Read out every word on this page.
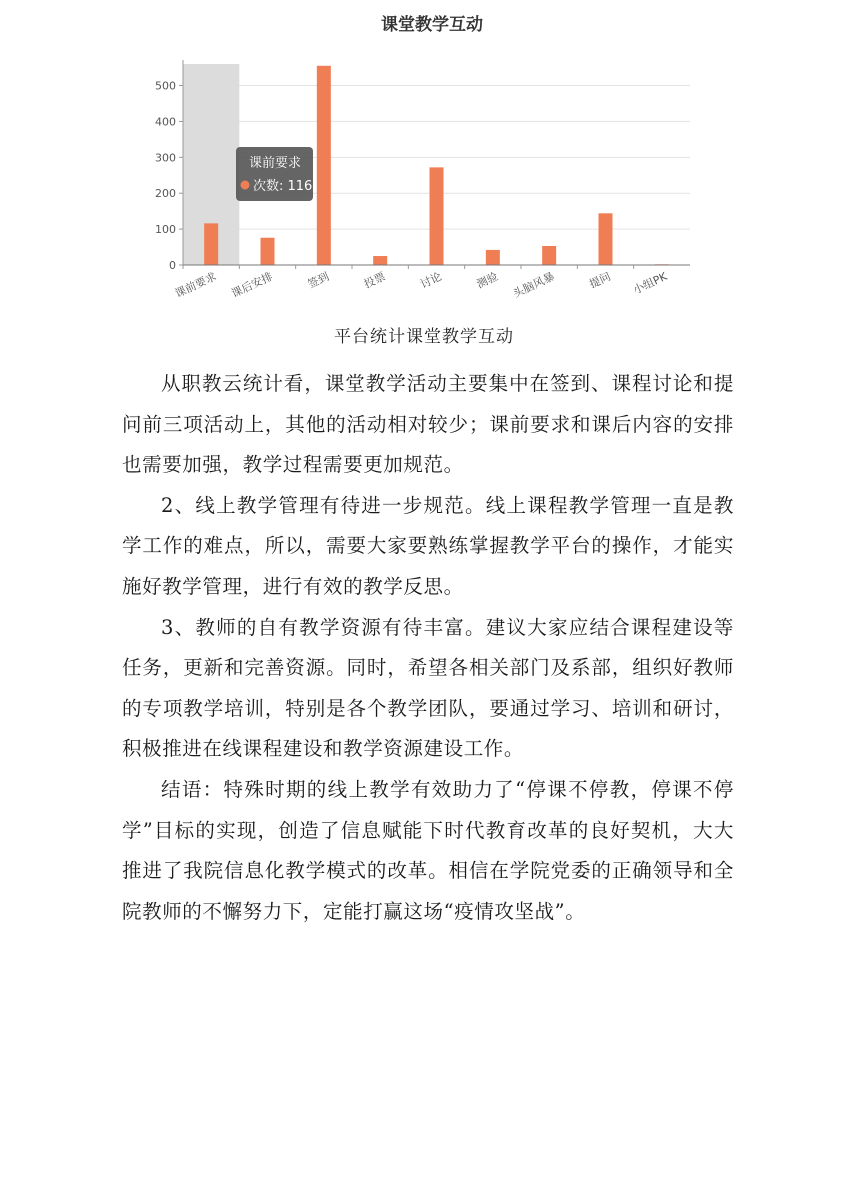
课堂教学互动
0
100
200
300
400
500
课前要求 课后安排	签到	投票	讨论	测验 头脑风暴	提问 小组PK
课前要求
次数: 116
平台统计课堂教学互动

从职教云统计看，课堂教学活动主要集中在签到、课程讨论和提问前三项活动上，其他的活动相对较少；课前要求和课后内容的安排也需要加强，教学过程需要更加规范。

2、线上教学管理有待进一步规范。线上课程教学管理一直是教学工作的难点，所以，需要大家要熟练掌握教学平台的操作，才能实施好教学管理，进行有效的教学反思。

3、教师的自有教学资源有待丰富。建议大家应结合课程建设等任务，更新和完善资源。同时，希望各相关部门及系部，组织好教师的专项教学培训，特别是各个教学团队，要通过学习、培训和研讨，积极推进在线课程建设和教学资源建设工作。

结语：特殊时期的线上教学有效助力了“停课不停教，停课不停学”目标的实现，创造了信息赋能下时代教育改革的良好契机，大大推进了我院信息化教学模式的改革。相信在学院党委的正确领导和全院教师的不懈努力下，定能打赢这场“疫情攻坚战”。
